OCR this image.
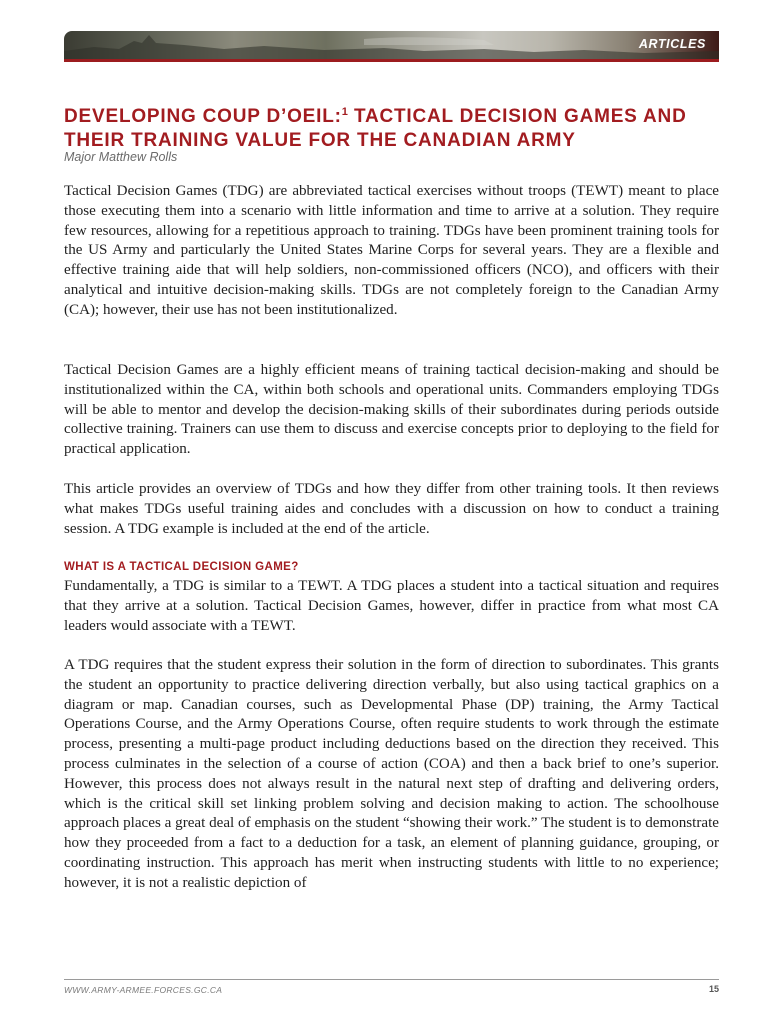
ARTICLES
DEVELOPING COUP D’OEIL:$^1$ TACTICAL DECISION GAMES AND THEIR TRAINING VALUE FOR THE CANADIAN ARMY
Major Matthew Rolls

Tactical Decision Games (TDG) are abbreviated tactical exercises without troops (TEWT) meant to place those executing them into a scenario with little information and time to arrive at a solution. They require few resources, allowing for a repetitious approach to training. TDGs have been prominent training tools for the US Army and particularly the United States Marine Corps for several years. They are a flexible and effective training aide that will help soldiers, non-commissioned officers (NCO), and officers with their analytical and intuitive decision-making skills. TDGs are not completely foreign to the Canadian Army (CA); however, their use has not been institutionalized.

Tactical Decision Games are a highly efficient means of training tactical decision-making and should be institutionalized within the CA, within both schools and operational units. Commanders employing TDGs will be able to mentor and develop the decision-making skills of their subordinates during periods outside collective training. Trainers can use them to discuss and exercise concepts prior to deploying to the field for practical application.

This article provides an overview of TDGs and how they differ from other training tools. It then reviews what makes TDGs useful training aides and concludes with a discussion on how to conduct a training session. A TDG example is included at the end of the article.

WHAT IS A TACTICAL DECISION GAME?

Fundamentally, a TDG is similar to a TEWT. A TDG places a student into a tactical situation and requires that they arrive at a solution. Tactical Decision Games, however, differ in practice from what most CA leaders would associate with a TEWT.

A TDG requires that the student express their solution in the form of direction to subordinates. This grants the student an opportunity to practice delivering direction verbally, but also using tactical graphics on a diagram or map. Canadian courses, such as Developmental Phase (DP) training, the Army Tactical Operations Course, and the Army Operations Course, often require students to work through the estimate process, presenting a multi-page product including deductions based on the direction they received. This process culminates in the selection of a course of action (COA) and then a back brief to one’s superior. However, this process does not always result in the natural next step of drafting and delivering orders, which is the critical skill set linking problem solving and decision making to action. The schoolhouse approach places a great deal of emphasis on the student “showing their work.” The student is to demonstrate how they proceeded from a fact to a deduction for a task, an element of planning guidance, grouping, or coordinating instruction. This approach has merit when instructing students with little to no experience; however, it is not a realistic depiction of

WWW.ARMY-ARMEE.FORCES.GC.CA	15
